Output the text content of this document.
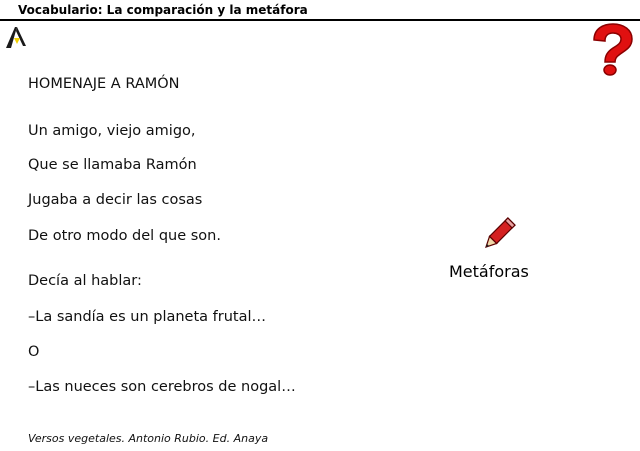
Vocabulario: La comparación y la metáfora
HOMENAJE A RAMÓN
Un amigo, viejo amigo,
Que se llamaba Ramón
Jugaba a decir las cosas
De otro modo del que son.
Decía al hablar:
–La sandía es un planeta frutal…
O
–Las nueces son cerebros de nogal…
Metáforas
Versos vegetales. Antonio Rubio. Ed. Anaya
